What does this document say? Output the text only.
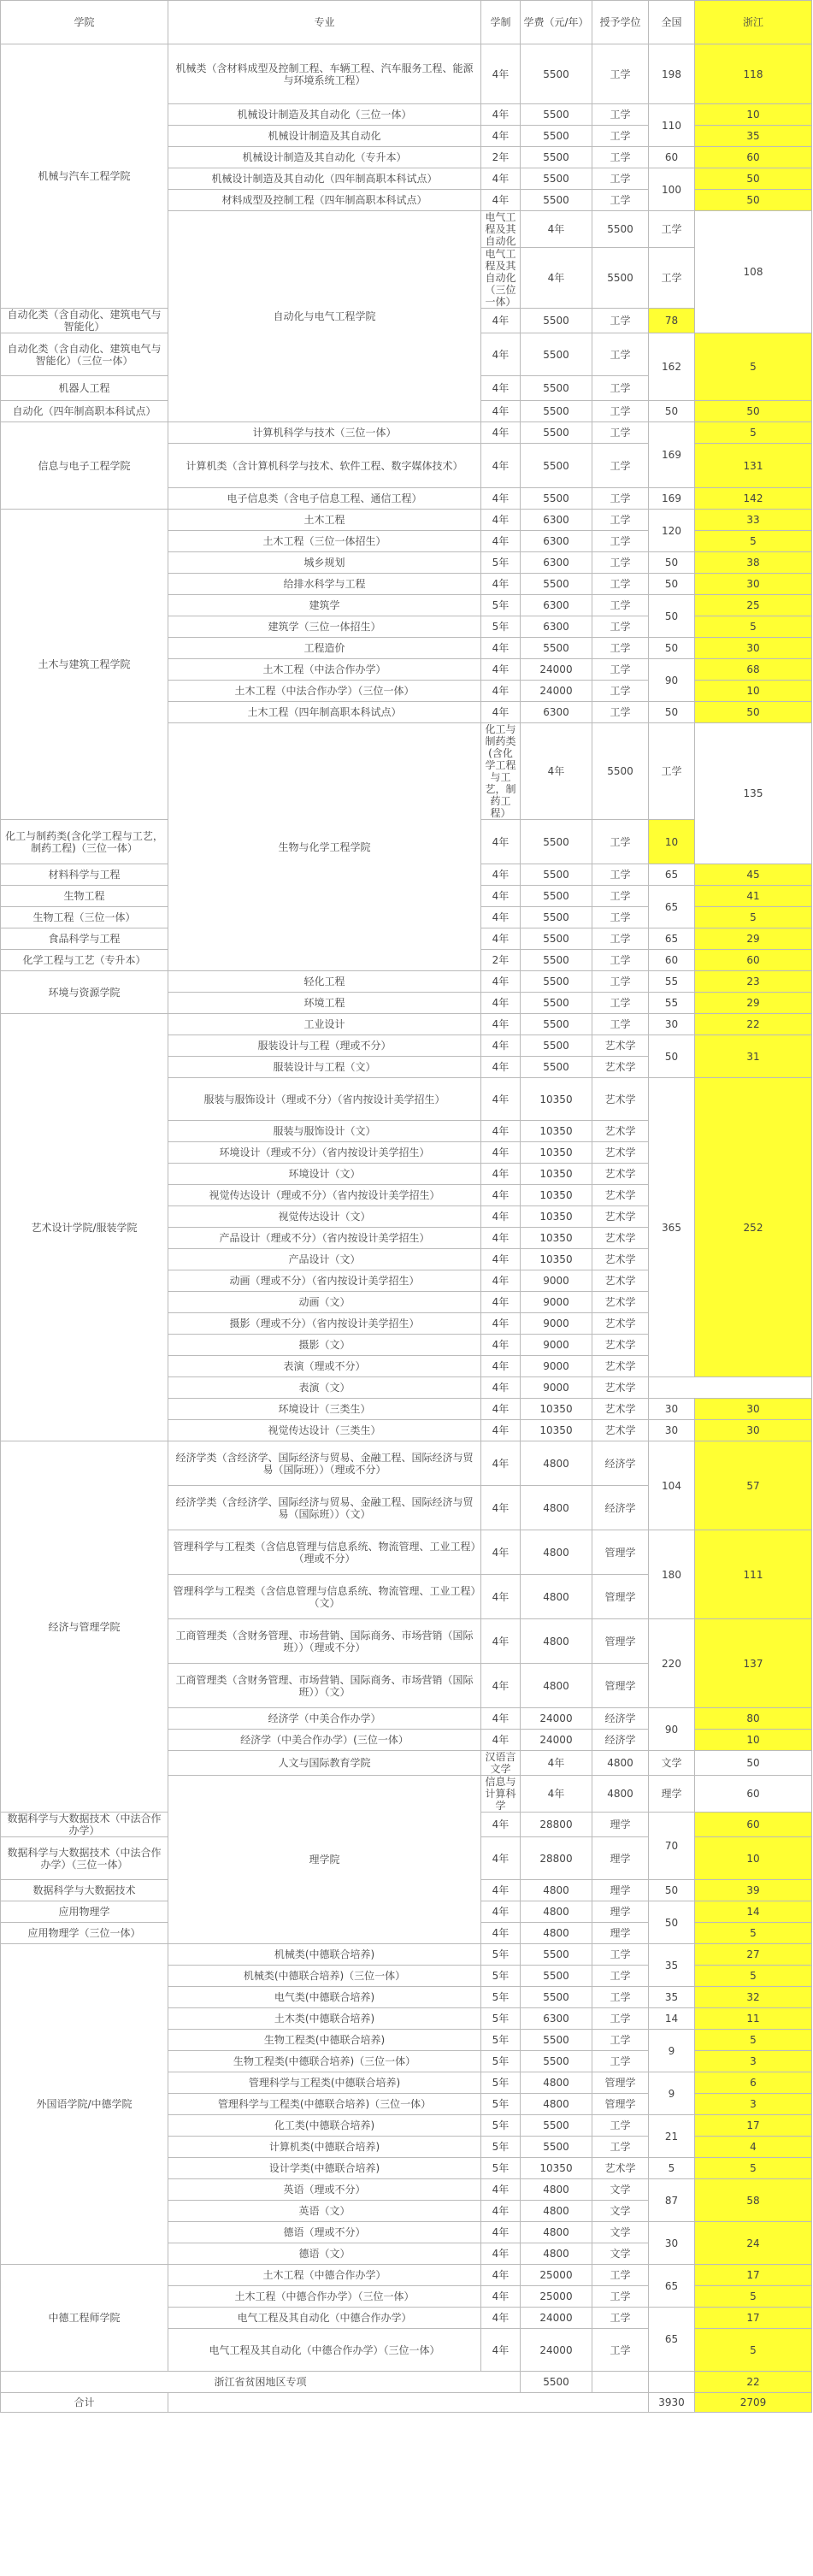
学院	专业	学制	学费（元/年）	授予学位	全国	浙江	
机械与汽车工程学院	机械类（含材料成型及控制工程、车辆工程、汽车服务工程、能源与环境系统工程）	4年	5500	工学	198	118	
	机械设计制造及其自动化（三位一体）	4年	5500	工学	110	10	
	机械设计制造及其自动化	4年	5500	工学		35	
	机械设计制造及其自动化（专升本）	2年	5500	工学	60	60	
	机械设计制造及其自动化（四年制高职本科试点）	4年	5500	工学	100	50	
	材料成型及控制工程（四年制高职本科试点）	4年	5500	工学		50	
	自动化与电气工程学院	电气工程及其自动化	4年	5500	工学	108	
		电气工程及其自动化（三位一体）	4年	5500	工学	
自动化类（含自动化、建筑电气与智能化）		4年	5500	工学	78		
自动化类（含自动化、建筑电气与智能化）（三位一体）		4年	5500	工学	162	5	
机器人工程		4年	5500	工学		
自动化（四年制高职本科试点）		4年	5500	工学	50	50	
信息与电子工程学院	计算机科学与技术（三位一体）	4年	5500	工学	169	5	
	计算机类（含计算机科学与技术、软件工程、数字媒体技术）	4年	5500	工学		131	
	电子信息类（含电子信息工程、通信工程）	4年	5500	工学	169	142	
土木与建筑工程学院	土木工程	4年	6300	工学	120	33	
	土木工程（三位一体招生）	4年	6300	工学		5	
	城乡规划	5年	6300	工学	50	38	
	给排水科学与工程	4年	5500	工学	50	30	
	建筑学	5年	6300	工学	50	25	
	建筑学（三位一体招生）	5年	6300	工学		5	
	工程造价	4年	5500	工学	50	30	
	土木工程（中法合作办学）	4年	24000	工学	90	68	
	土木工程（中法合作办学）（三位一体）	4年	24000	工学		10	
	土木工程（四年制高职本科试点）	4年	6300	工学	50	50	
	生物与化学工程学院	化工与制药类(含化学工程与工艺，制药工程）	4年	5500	工学	135	
化工与制药类(含化学工程与工艺，制药工程)（三位一体）		4年	5500	工学	10		
材料科学与工程		4年	5500	工学	65	45	
生物工程		4年	5500	工学	65	41	
生物工程（三位一体）		4年	5500	工学		5	
食品科学与工程		4年	5500	工学	65	29	
化学工程与工艺（专升本）		2年	5500	工学	60	60	
环境与资源学院	轻化工程	4年	5500	工学	55	23	
	环境工程	4年	5500	工学	55	29	
艺术设计学院/服装学院	工业设计	4年	5500	工学	30	22	
	服装设计与工程（理或不分）	4年	5500	艺术学	50	31	
	服装设计与工程（文）	4年	5500	艺术学			
	服装与服饰设计（理或不分）（省内按设计美学招生）	4年	10350	艺术学	365	252	
	服装与服饰设计（文）	4年	10350	艺术学			
	环境设计（理或不分）（省内按设计美学招生）	4年	10350	艺术学			
	环境设计（文）	4年	10350	艺术学			
	视觉传达设计（理或不分）（省内按设计美学招生）	4年	10350	艺术学			
	视觉传达设计（文）	4年	10350	艺术学			
	产品设计（理或不分）（省内按设计美学招生）	4年	10350	艺术学			
	产品设计（文）	4年	10350	艺术学			
	动画（理或不分）（省内按设计美学招生）	4年	9000	艺术学			
	动画（文）	4年	9000	艺术学			
	摄影（理或不分）（省内按设计美学招生）	4年	9000	艺术学			
	摄影（文）	4年	9000	艺术学			
	表演（理或不分）	4年	9000	艺术学		
	表演（文）	4年	9000	艺术学			
	环境设计（三类生）	4年	10350	艺术学	30	30	
	视觉传达设计（三类生）	4年	10350	艺术学	30	30	
经济与管理学院	经济学类（含经济学、国际经济与贸易、金融工程、国际经济与贸易（国际班））（理或不分）	4年	4800	经济学	104	57	
	经济学类（含经济学、国际经济与贸易、金融工程、国际经济与贸易（国际班））（文）	4年	4800	经济学			
	管理科学与工程类（含信息管理与信息系统、物流管理、工业工程）（理或不分）	4年	4800	管理学	180	111	
	管理科学与工程类（含信息管理与信息系统、物流管理、工业工程）（文）	4年	4800	管理学			
	工商管理类（含财务管理、市场营销、国际商务、市场营销（国际班））（理或不分）	4年	4800	管理学	220	137	
	工商管理类（含财务管理、市场营销、国际商务、市场营销（国际班））（文）	4年	4800	管理学			
	经济学（中美合作办学）	4年	24000	经济学	90	80	
	经济学（中美合作办学）(三位一体）	4年	24000	经济学		10	
	人文与国际教育学院	汉语言文学	4年	4800	文学	50	
	理学院	信息与计算科学	4年	4800	理学	60	
数据科学与大数据技术（中法合作办学）		4年	28800	理学	70	60	
数据科学与大数据技术（中法合作办学）（三位一体）		4年	28800	理学		10	
数据科学与大数据技术		4年	4800	理学	50	39	
应用物理学		4年	4800	理学	50	14	
应用物理学（三位一体）		4年	4800	理学		5	
外国语学院/中德学院	机械类(中德联合培养)	5年	5500	工学	35	27	
	机械类(中德联合培养)（三位一体）	5年	5500	工学		5	
	电气类(中德联合培养)	5年	5500	工学	35	32	
	土木类(中德联合培养)	5年	6300	工学	14	11	
	生物工程类(中德联合培养)	5年	5500	工学	9	5	
	生物工程类(中德联合培养)（三位一体）	5年	5500	工学		3	
	管理科学与工程类(中德联合培养)	5年	4800	管理学	9	6	
	管理科学与工程类(中德联合培养)（三位一体）	5年	4800	管理学		3	
	化工类(中德联合培养)	5年	5500	工学	21	17	
	计算机类(中德联合培养)	5年	5500	工学		4	
	设计学类(中德联合培养)	5年	10350	艺术学	5	5	
	英语（理或不分）	4年	4800	文学	87	58	
	英语（文）	4年	4800	文学			
	德语（理或不分）	4年	4800	文学	30	24	
	德语（文）	4年	4800	文学			
中德工程师学院	土木工程（中德合作办学）	4年	25000	工学	65	17	
	土木工程（中德合作办学）（三位一体）	4年	25000	工学		5	
	电气工程及其自动化（中德合作办学）	4年	24000	工学	65	17	
	电气工程及其自动化（中德合作办学）（三位一体）	4年	24000	工学		5	
浙江省贫困地区专项			5500			22	
合计					3930	2709	
